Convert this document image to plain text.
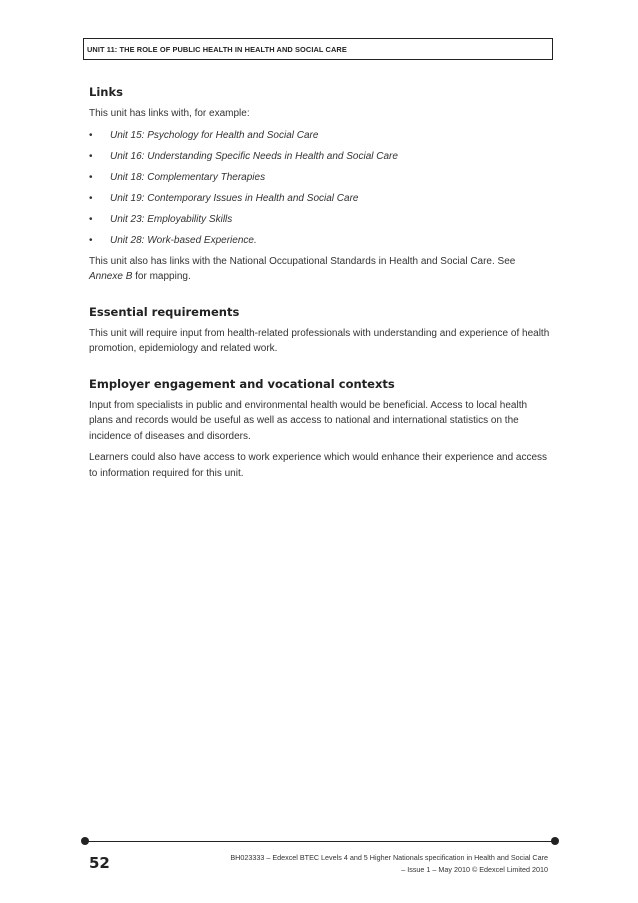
UNIT 11: THE ROLE OF PUBLIC HEALTH IN HEALTH AND SOCIAL CARE
Links

This unit has links with, for example:

• Unit 15: Psychology for Health and Social Care
• Unit 16: Understanding Specific Needs in Health and Social Care
• Unit 18: Complementary Therapies
• Unit 19: Contemporary Issues in Health and Social Care
• Unit 23: Employability Skills
• Unit 28: Work-based Experience.

This unit also has links with the National Occupational Standards in Health and Social Care. See Annexe B for mapping.

Essential requirements

This unit will require input from health-related professionals with understanding and experience of health promotion, epidemiology and related work.

Employer engagement and vocational contexts

Input from specialists in public and environmental health would be beneficial. Access to local health plans and records would be useful as well as access to national and international statistics on the incidence of diseases and disorders.

Learners could also have access to work experience which would enhance their experience and access to information required for this unit.

52	BH023333 – Edexcel BTEC Levels 4 and 5 Higher Nationals specification in Health and Social Care
– Issue 1 – May 2010 © Edexcel Limited 2010
